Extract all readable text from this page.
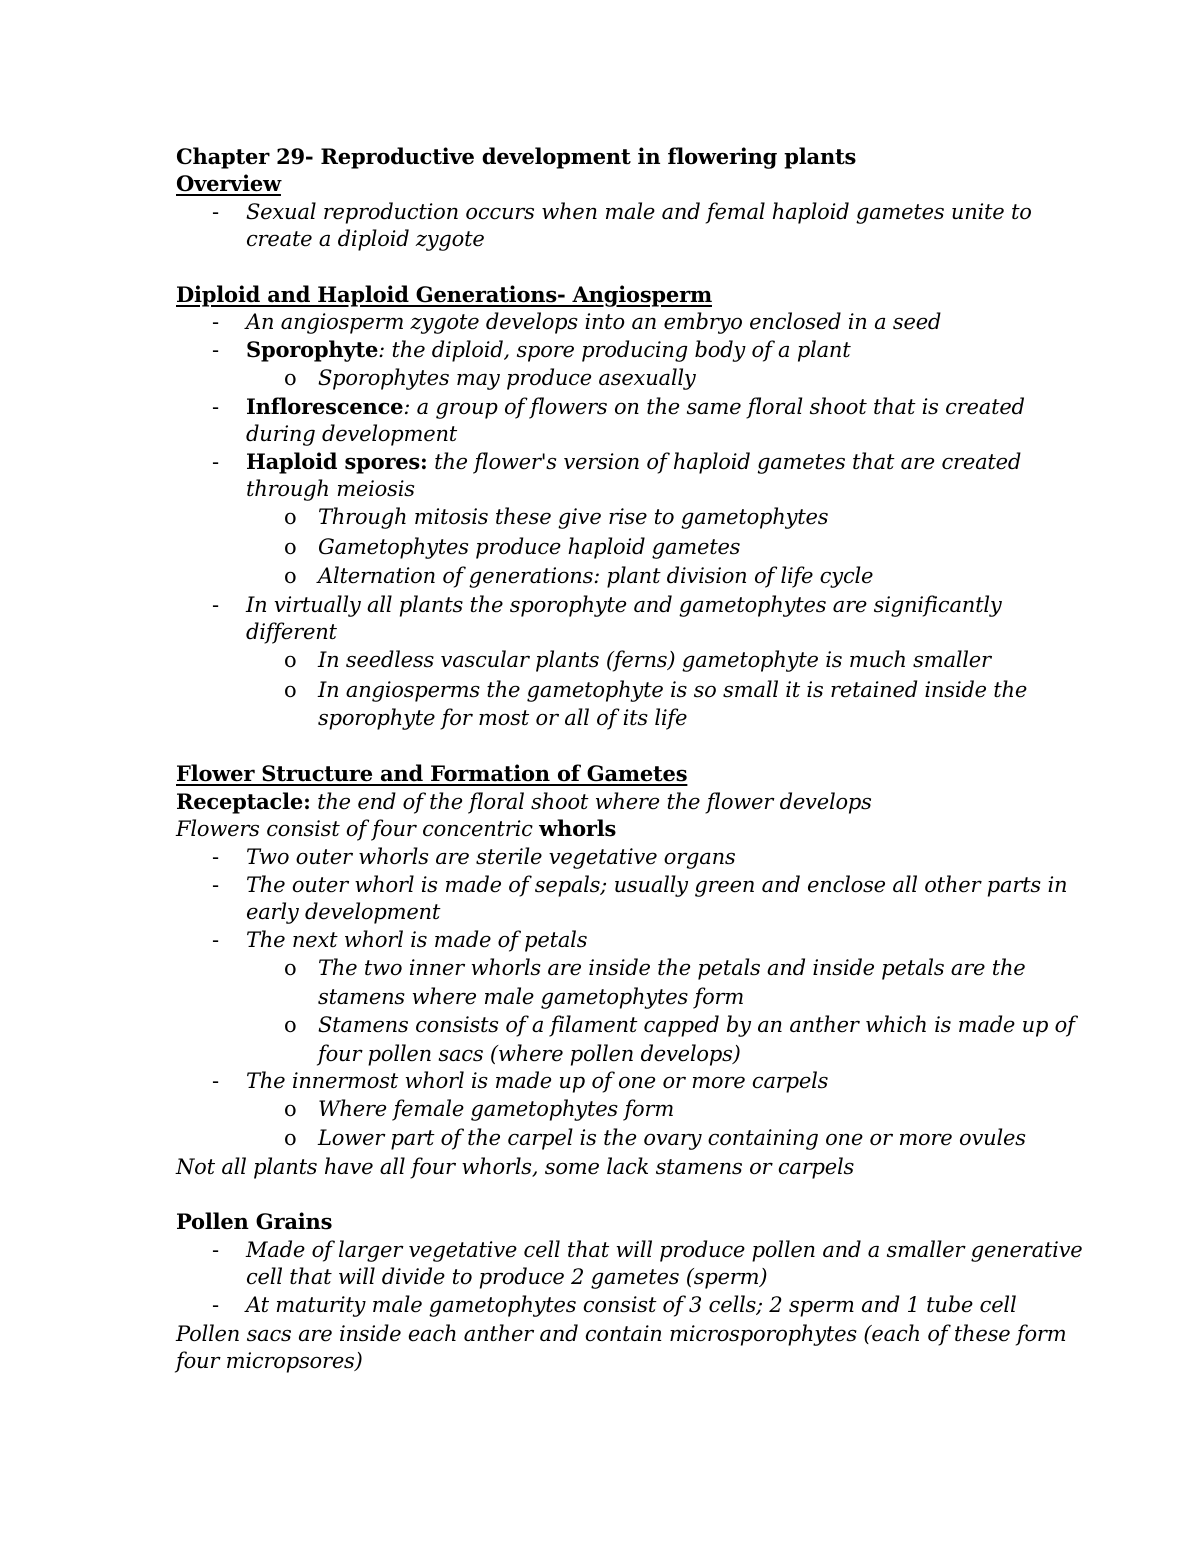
Chapter 29- Reproductive development in flowering plants
Overview
- Sexual reproduction occurs when male and femal haploid gametes unite to
create a diploid zygote
Diploid and Haploid Generations- Angiosperm
- An angiosperm zygote develops into an embryo enclosed in a seed
- Sporophyte: the diploid, spore producing body of a plant
o Sporophytes may produce asexually
- Inflorescence: a group of flowers on the same floral shoot that is created
during development
- Haploid spores: the flower's version of haploid gametes that are created
through meiosis
o Through mitosis these give rise to gametophytes
o Gametophytes produce haploid gametes
o Alternation of generations: plant division of life cycle
- In virtually all plants the sporophyte and gametophytes are significantly
different
o In seedless vascular plants (ferns) gametophyte is much smaller
o In angiosperms the gametophyte is so small it is retained inside the
sporophyte for most or all of its life
Flower Structure and Formation of Gametes
Receptacle: the end of the floral shoot where the flower develops
Flowers consist of four concentric whorls
- Two outer whorls are sterile vegetative organs
- The outer whorl is made of sepals; usually green and enclose all other parts in
early development
- The next whorl is made of petals
o The two inner whorls are inside the petals and inside petals are the
stamens where male gametophytes form
o Stamens consists of a filament capped by an anther which is made up of
four pollen sacs (where pollen develops)
- The innermost whorl is made up of one or more carpels
o Where female gametophytes form
o Lower part of the carpel is the ovary containing one or more ovules
Not all plants have all four whorls, some lack stamens or carpels
Pollen Grains
- Made of larger vegetative cell that will produce pollen and a smaller generative
cell that will divide to produce 2 gametes (sperm)
- At maturity male gametophytes consist of 3 cells; 2 sperm and 1 tube cell
Pollen sacs are inside each anther and contain microsporophytes (each of these form
four micropsores)
